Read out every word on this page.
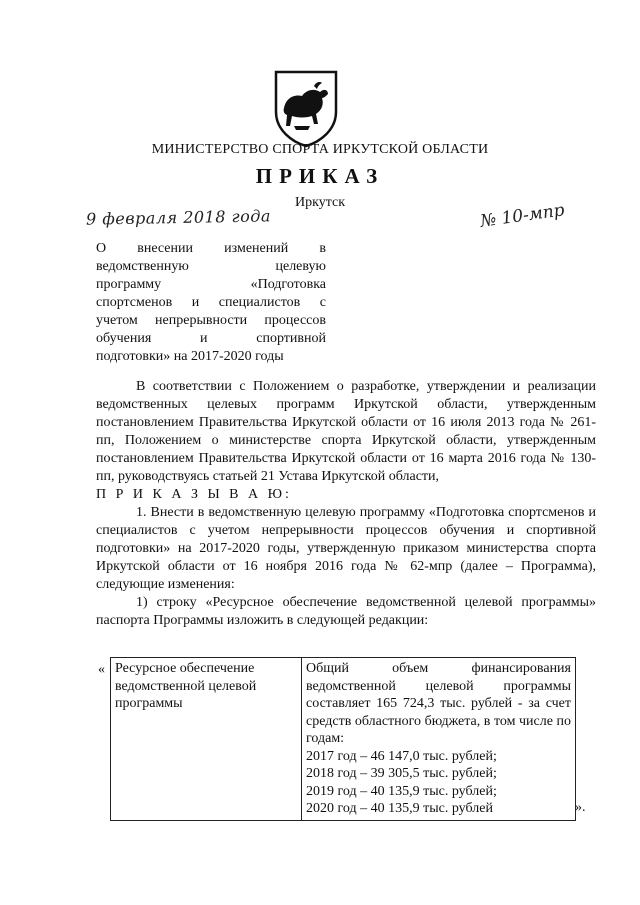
МИНИСТЕРСТВО СПОРТА ИРКУТСКОЙ ОБЛАСТИ
ПРИКАЗ
Иркутск
9 февраля 2018 года	№ 10-мпр
О внесении изменений в
ведомственную целевую
программу «Подготовка
спортсменов и специалистов с
учетом непрерывности процессов
обучения и спортивной
подготовки» на 2017-2020 годы

В соответствии с Положением о разработке, утверждении и реализации ведомственных целевых программ Иркутской области, утвержденным постановлением Правительства Иркутской области от 16 июля 2013 года № 261-пп, Положением о министерстве спорта Иркутской области, утвержденным постановлением Правительства Иркутской области от 16 марта 2016 года № 130-пп, руководствуясь статьей 21 Устава Иркутской области,

П Р И К А З Ы В А Ю:

1. Внести в ведомственную целевую программу «Подготовка спортсменов и специалистов с учетом непрерывности процессов обучения и спортивной подготовки» на 2017-2020 годы, утвержденную приказом министерства спорта Иркутской области от 16 ноября 2016 года № 62-мпр (далее – Программа), следующие изменения:

1) строку «Ресурсное обеспечение ведомственной целевой программы» паспорта Программы изложить в следующей редакции:

« Ресурсное обеспечение ведомственной целевой программы	Общий объем финансирования ведомственной целевой программы составляет 165 724,3 тыс. рублей - за счет средств областного бюджета, в том числе по годам:
2017 год – 46 147,0 тыс. рублей;
2018 год – 39 305,5 тыс. рублей;
2019 год – 40 135,9 тыс. рублей;
2020 год – 40 135,9 тыс. рублей	».
